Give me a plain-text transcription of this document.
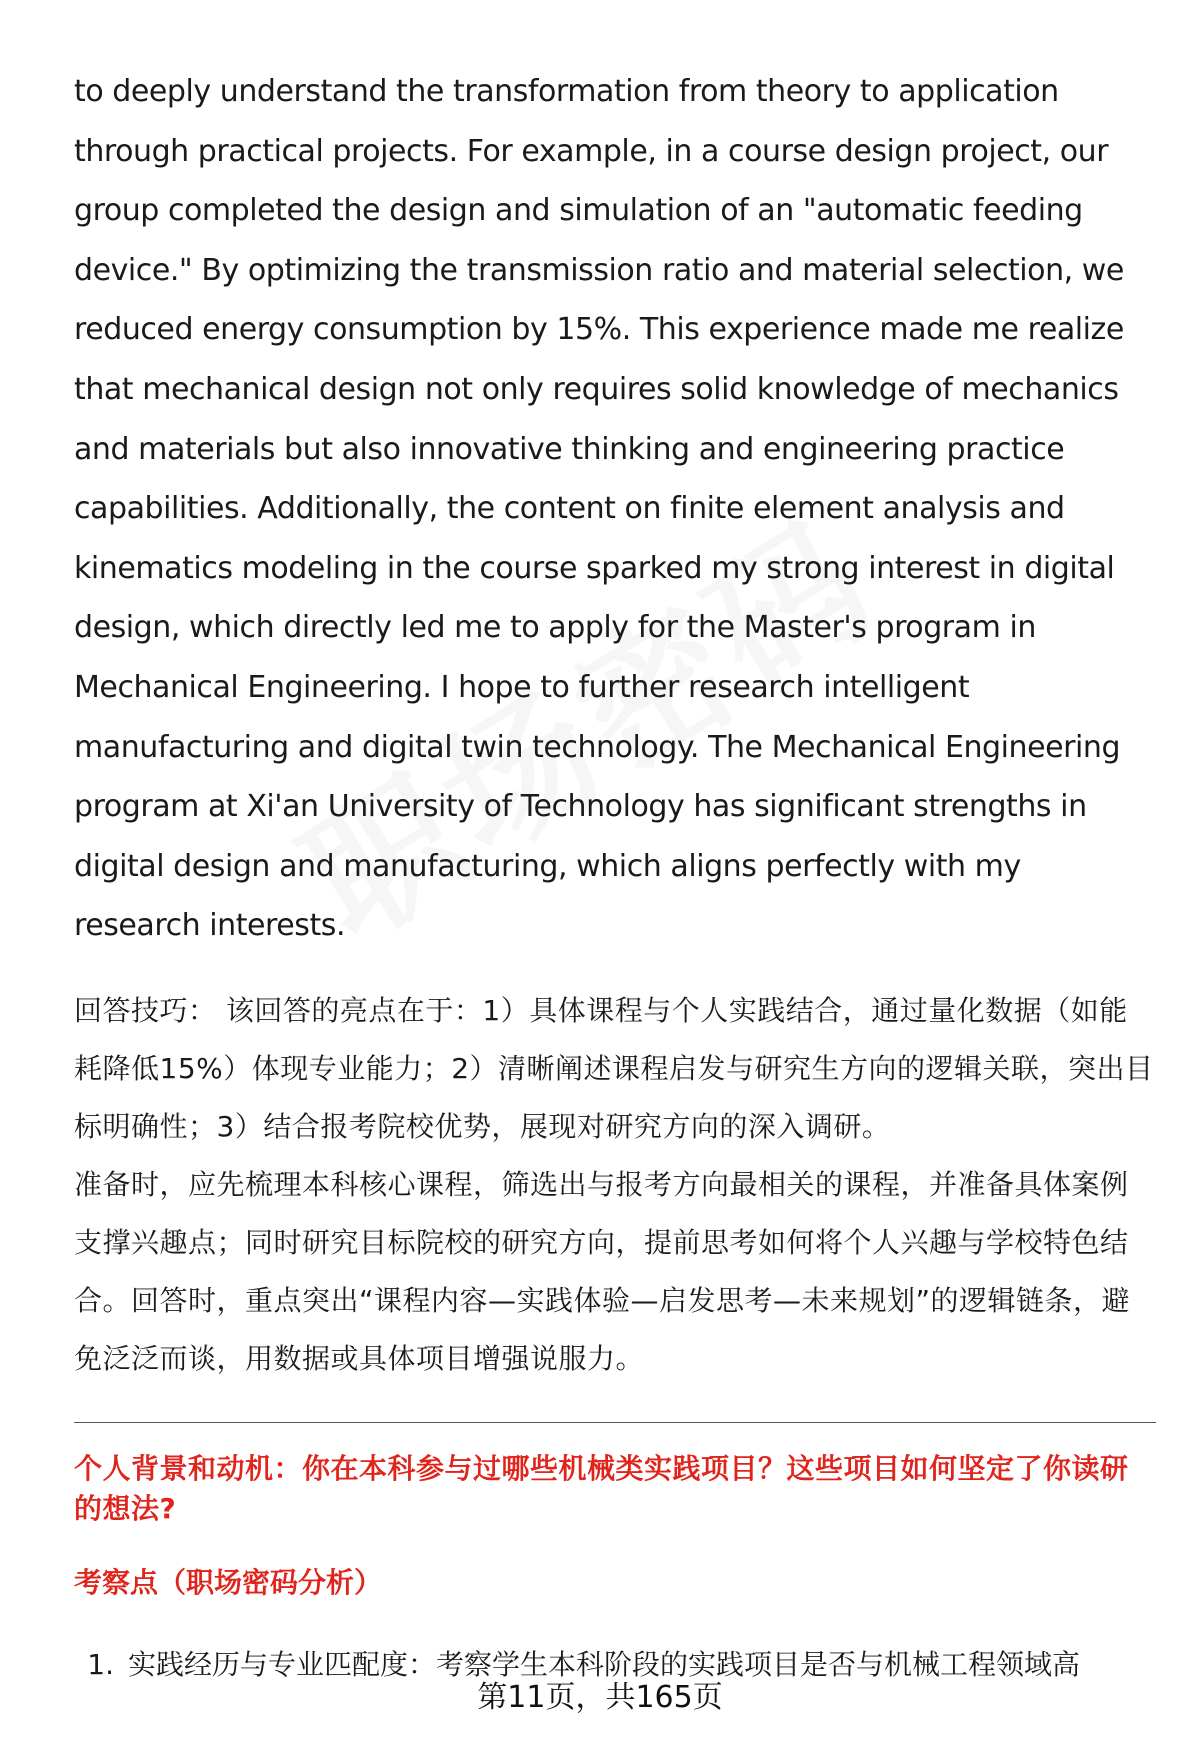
to deeply understand the transformation from theory to application through practical projects. For example, in a course design project, our group completed the design and simulation of an "automatic feeding device." By optimizing the transmission ratio and material selection, we reduced energy consumption by 15%. This experience made me realize that mechanical design not only requires solid knowledge of mechanics and materials but also innovative thinking and engineering practice capabilities. Additionally, the content on finite element analysis and kinematics modeling in the course sparked my strong interest in digital design, which directly led me to apply for the Master's program in Mechanical Engineering. I hope to further research intelligent manufacturing and digital twin technology. The Mechanical Engineering program at Xi'an University of Technology has significant strengths in digital design and manufacturing, which aligns perfectly with my research interests.

回答技巧： 该回答的亮点在于：1）具体课程与个人实践结合，通过量化数据（如能耗降低15%）体现专业能力；2）清晰阐述课程启发与研究生方向的逻辑关联，突出目标明确性；3）结合报考院校优势，展现对研究方向的深入调研。

准备时，应先梳理本科核心课程，筛选出与报考方向最相关的课程，并准备具体案例支撑兴趣点；同时研究目标院校的研究方向，提前思考如何将个人兴趣与学校特色结合。回答时，重点突出“课程内容—实践体验—启发思考—未来规划”的逻辑链条，避免泛泛而谈，用数据或具体项目增强说服力。

个人背景和动机：你在本科参与过哪些机械类实践项目？这些项目如何坚定了你读研的想法?
考察点（职场密码分析）
1. 实践经历与专业匹配度：考察学生本科阶段的实践项目是否与机械工程领域高
第11页，共165页
